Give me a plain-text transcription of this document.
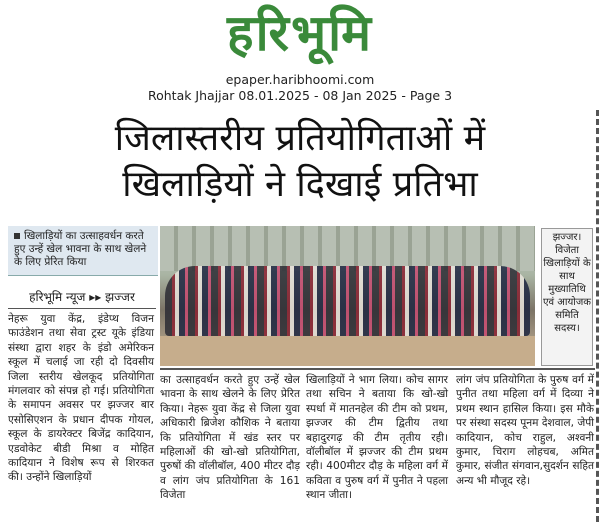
हरिभूमि
epaper.haribhoomi.com
Rohtak Jhajjar 08.01.2025 - 08 Jan 2025 - Page 3
जिलास्तरीय प्रतियोगिताओं में
खिलाड़ियों ने दिखाई प्रतिभा
खिलाड़ियों का उत्साहवर्धन करते हुए उन्हें खेल भावना के साथ खेलने के लिए प्रेरित किया
हरिभूमि न्यूज ▸▸ झज्जर
झज्जर। विजेता खिलाड़ियों के साथ मुख्यातिथि एवं आयोजक समिति सदस्य।
नेहरू युवा केंद्र, इंडेप्थ विजन फाउंडेशन तथा सेवा ट्रस्ट यूके इंडिया संस्था द्वारा शहर के इंडो अमेरिकन स्कूल में चलाई जा रही दो दिवसीय जिला स्तरीय खेलकूद प्रतियोगिता मंगलवार को संपन्न हो गई। प्रतियोगिता के समापन अवसर पर झज्जर बार एसोसिएशन के प्रधान दीपक गोयल, स्कूल के डायरेक्टर बिजेंद्र कादियान, एडवोकेट बीडी मिश्रा व मोहित कादियान ने विशेष रूप से शिरकत की। उन्होंने खिलाड़ियों
का उत्साहवर्धन करते हुए उन्हें खेल भावना के साथ खेलने के लिए प्रेरित किया। नेहरू युवा केंद्र से जिला युवा अधिकारी ब्रिजेश कौशिक ने बताया कि प्रतियोगिता में खंड स्तर पर महिलाओं की खो-खो प्रतियोगिता, पुरुषों की वॉलीबॉल, 400 मीटर दौड़ व लांग जंप प्रतियोगिता के 161 विजेता
खिलाड़ियों ने भाग लिया। कोच सागर तथा सचिन ने बताया कि खो-खो स्पर्धा में मातनहेल की टीम को प्रथम, झज्जर की टीम द्वितीय तथा बहादुरगढ़ की टीम तृतीय रही। वॉलीबॉल में झज्जर की टीम प्रथम रही। 400मीटर दौड़ के महिला वर्ग में कविता व पुरुष वर्ग में पुनीत ने पहला स्थान जीता।
लांग जंप प्रतियोगिता के पुरुष वर्ग में पुनीत तथा महिला वर्ग में दिव्या ने प्रथम स्थान हासिल किया। इस मौके पर संस्था सदस्य पूनम देशवाल, जेपी कादियान, कोच राहुल, अश्वनी कुमार, चिराग लोहचब, अमित कुमार, संजीत संगवान,सुदर्शन सहित अन्य भी मौजूद रहे।
